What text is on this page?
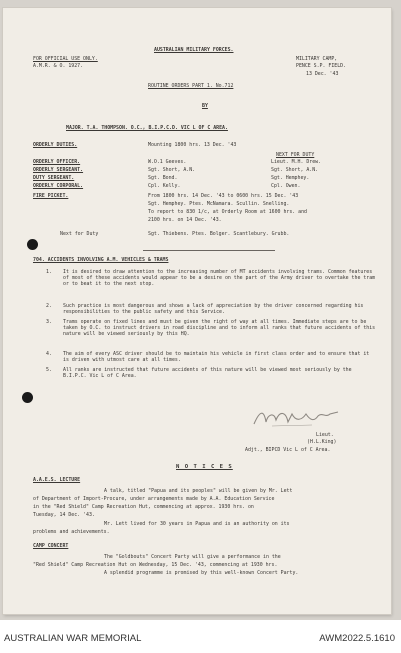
FOR OFFICIAL USE ONLY.
A.M.R. & O. 1927.
AUSTRALIAN MILITARY FORCES.
MILITARY CAMP,
PENCE S.P. FIELD.
13 Dec. '43
ROUTINE ORDERS PART 1. No.712
BY
MAJOR. T.A. THOMPSON. O.C., B.I.P.C.D. VIC L OF C AREA.
ORDERLY DUTIES.	Mounting 1800 hrs. 13 Dec. '43
NEXT FOR DUTY
ORDERLY OFFICER.	W.O.1 Geeves.	Lieut. M.H. Drew.
ORDERLY SERGEANT.	Sgt. Short, A.N.	Sgt. Short, A.N.
DUTY SERGEANT.	Sgt. Bond.	Sgt. Hemphey.
ORDERLY CORPORAL.	Cpl. Kelly.	Cpl. Owen.
FIRE PICKET.	From 1800 hrs. 14 Dec. '43 to 0600 hrs. 15 Dec. '43
Sgt. Hemphey. Ptes. McNamara. Scullin. Snelling.
To report to 830 1/c, at Orderly Room at 1600 hrs. and
2100 hrs. on 14 Dec. '43.
Next for Duty	Sgt. Thiebens. Ptes. Bolger. Scantlebury. Grubb.
704. ACCIDENTS INVOLVING A.M. VEHICLES & TRAMS
1. It is desired to draw attention to the increasing number of MT accidents involving trams. Common features of most of these accidents would appear to be a desire on the part of the Army driver to overtake the tram or to beat it to the next stop.
2. Such practice is most dangerous and shows a lack of appreciation by the driver concerned regarding his responsibilities to the public safety and this Service.
3. Trams operate on fixed lines and must be given the right of way at all times. Immediate steps are to be taken by O.C. to instruct drivers in road discipline and to inform all ranks that future accidents of this nature will be viewed seriously by this HQ.
4. The aim of every ASC driver should be to maintain his vehicle in first class order and to ensure that it is driven with utmost care at all times.
5. All ranks are instructed that future accidents of this nature will be viewed most seriously by the B.I.P.C. Vic L of C Area.
Lieut.
(H.L.King)
Adjt., BIPCD Vic L of C Area.
N O T I C E S
A.A.E.S. LECTURE
A talk, titled "Papua and its peoples" will be given by Mr. Lett
of Department of Import-Procure, under arrangements made by A.A. Education Service
in the "Red Shield" Camp Recreation Hut, commencing at approx. 1930 hrs. on
Tuesday, 14 Dec. '43.
Mr. Lett lived for 30 years in Papua and is an authority on its
problems and achievements.
CAMP CONCERT
The "Goldbouts" Concert Party will give a performance in the
"Red Shield" Camp Recreation Hut on Wednesday, 15 Dec. '43, commencing at 1930 hrs.
A splendid programme is promised by this well-known Concert Party.
AUSTRALIAN WAR MEMORIAL	AWM2022.5.1610
